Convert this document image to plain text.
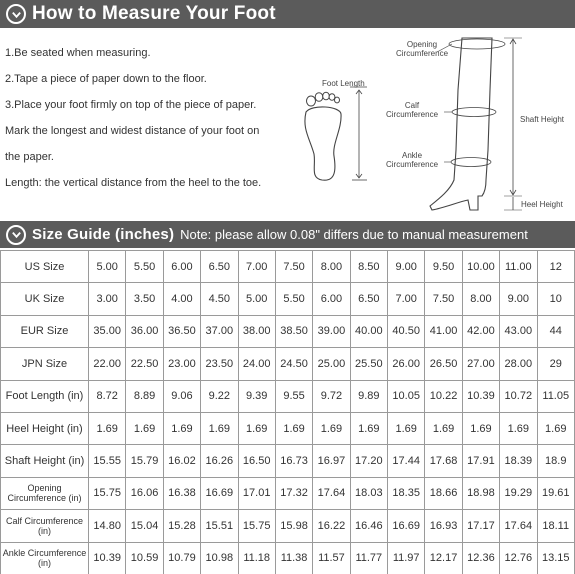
How to Measure Your Foot

1.Be seated when measuring.

2.Tape a piece of paper down to the floor.

3.Place your foot firmly on top of the piece of paper.

Mark the longest and widest distance of your foot on

the paper.

Length: the vertical distance from the heel to the toe.

Foot Length
Opening
Circumference
Calf
Circumference
Ankle
Circumference
Shaft Height
Heel Height
Size Guide (inches) Note: please allow 0.08" differs due to manual measurement
US Size	5.00	5.50	6.00	6.50	7.00	7.50	8.00	8.50	9.00	9.50	10.00	11.00	12
UK Size	3.00	3.50	4.00	4.50	5.00	5.50	6.00	6.50	7.00	7.50	8.00	9.00	10
EUR Size	35.00	36.00	36.50	37.00	38.00	38.50	39.00	40.00	40.50	41.00	42.00	43.00	44
JPN Size	22.00	22.50	23.00	23.50	24.00	24.50	25.00	25.50	26.00	26.50	27.00	28.00	29
Foot Length (in)	8.72	8.89	9.06	9.22	9.39	9.55	9.72	9.89	10.05	10.22	10.39	10.72	11.05
Heel Height (in)	1.69	1.69	1.69	1.69	1.69	1.69	1.69	1.69	1.69	1.69	1.69	1.69	1.69
Shaft Height (in)	15.55	15.79	16.02	16.26	16.50	16.73	16.97	17.20	17.44	17.68	17.91	18.39	18.9
Opening Circumference (in)	15.75	16.06	16.38	16.69	17.01	17.32	17.64	18.03	18.35	18.66	18.98	19.29	19.61
Calf Circumference (in)	14.80	15.04	15.28	15.51	15.75	15.98	16.22	16.46	16.69	16.93	17.17	17.64	18.11
Ankle Circumference (in)	10.39	10.59	10.79	10.98	11.18	11.38	11.57	11.77	11.97	12.17	12.36	12.76	13.15
